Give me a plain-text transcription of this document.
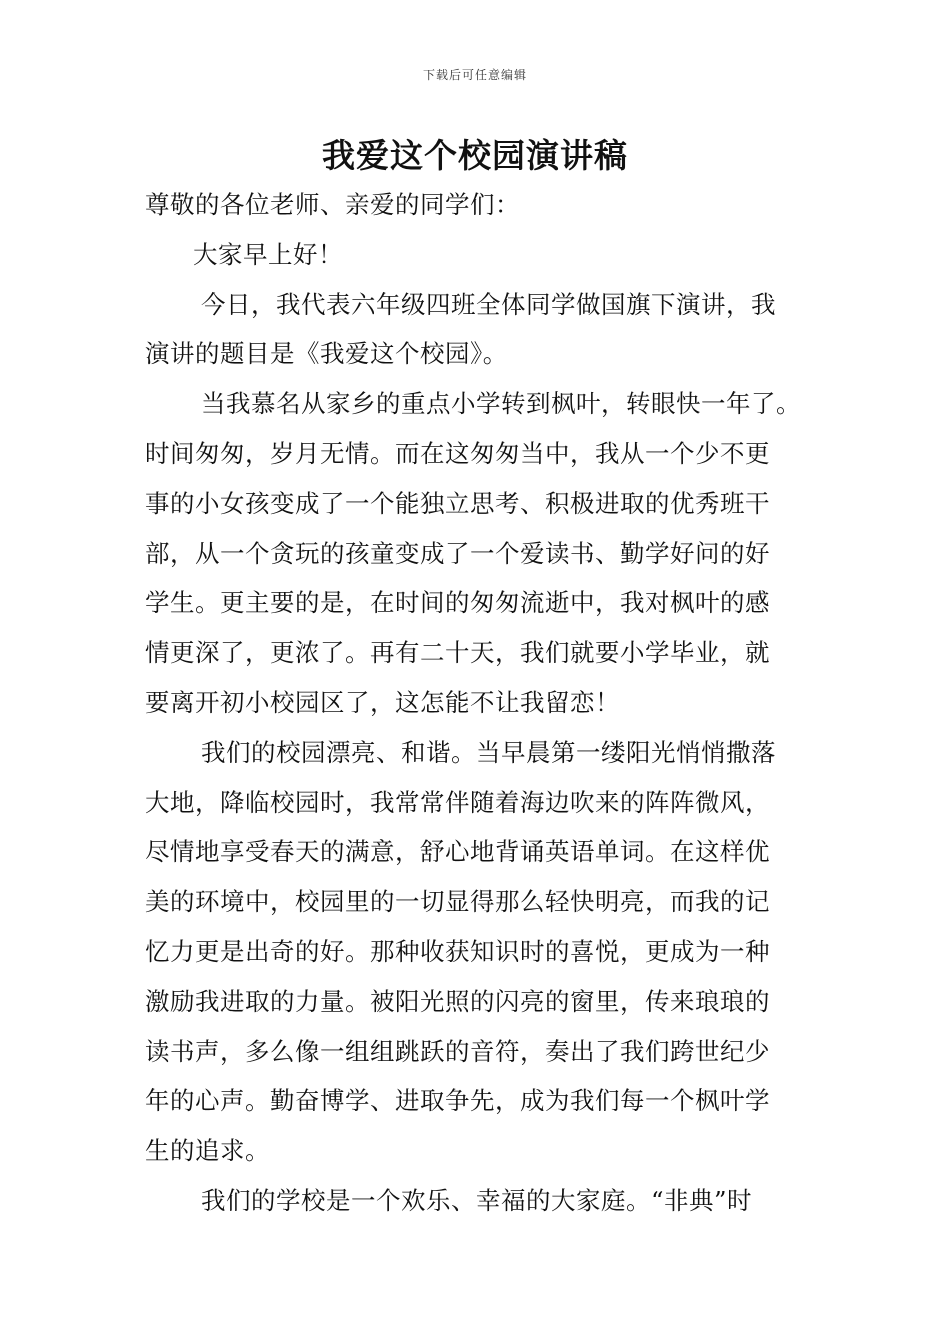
下载后可任意编辑
我爱这个校园演讲稿
尊敬的各位老师、亲爱的同学们：
大家早上好！
今日，我代表六年级四班全体同学做国旗下演讲，我
演讲的题目是《我爱这个校园》。
当我慕名从家乡的重点小学转到枫叶，转眼快一年了。
时间匆匆，岁月无情。而在这匆匆当中，我从一个少不更
事的小女孩变成了一个能独立思考、积极进取的优秀班干
部，从一个贪玩的孩童变成了一个爱读书、勤学好问的好
学生。更主要的是，在时间的匆匆流逝中，我对枫叶的感
情更深了，更浓了。再有二十天，我们就要小学毕业，就
要离开初小校园区了，这怎能不让我留恋！
我们的校园漂亮、和谐。当早晨第一缕阳光悄悄撒落
大地，降临校园时，我常常伴随着海边吹来的阵阵微风，
尽情地享受春天的满意，舒心地背诵英语单词。在这样优
美的环境中，校园里的一切显得那么轻快明亮，而我的记
忆力更是出奇的好。那种收获知识时的喜悦，更成为一种
激励我进取的力量。被阳光照的闪亮的窗里，传来琅琅的
读书声，多么像一组组跳跃的音符，奏出了我们跨世纪少
年的心声。勤奋博学、进取争先，成为我们每一个枫叶学
生的追求。
我们的学校是一个欢乐、幸福的大家庭。“非典”时
